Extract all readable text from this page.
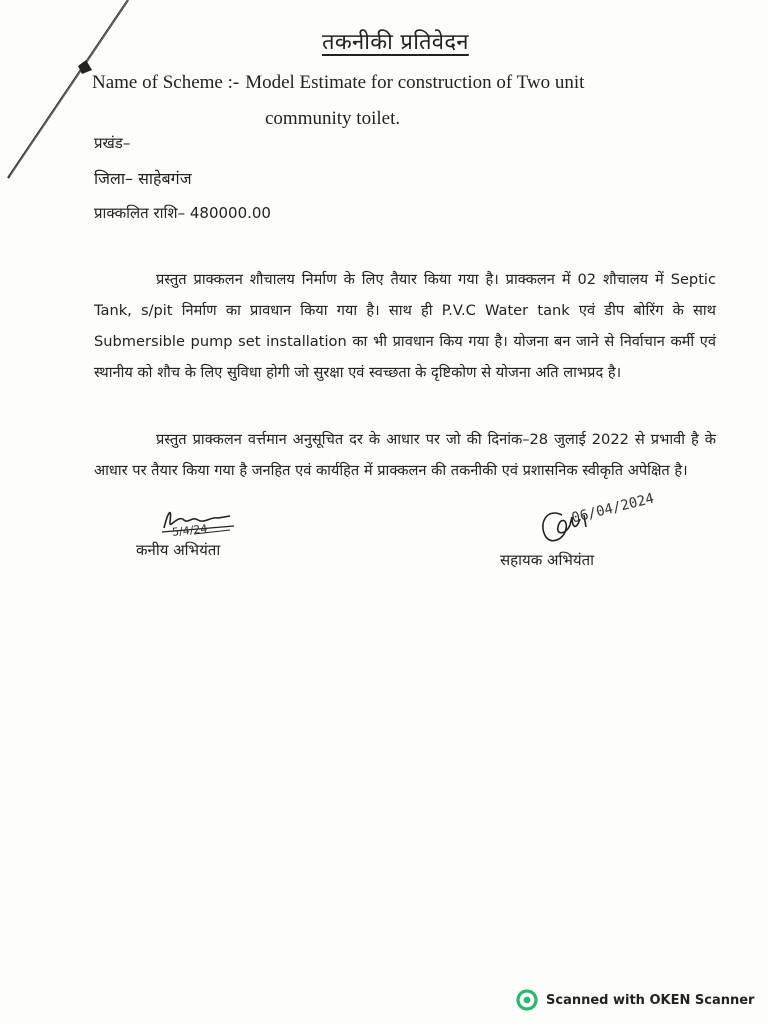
तकनीकी प्रतिवेदन
Name of Scheme :- Model Estimate for construction of Two unit
community toilet.
प्रखंड–
जिला– साहेबगंज
प्राक्कलित राशि– 480000.00
प्रस्तुत प्राक्कलन शौचालय निर्माण के लिए तैयार किया गया है। प्राक्कलन में 02 शौचालय में Septic Tank, s/pit निर्माण का प्रावधान किया गया है। साथ ही P.V.C Water tank एवं डीप बोरिंग के साथ Submersible pump set installation का भी प्रावधान किय गया है। योजना बन जाने से निर्वाचान कर्मी एवं स्थानीय को शौच के लिए सुविधा होगी जो सुरक्षा एवं स्वच्छता के दृष्टिकोण से योजना अति लाभप्रद है।
प्रस्तुत प्राक्कलन वर्त्तमान अनुसूचित दर के आधार पर जो की दिनांक–28 जुलाई 2022 से प्रभावी है के आधार पर तैयार किया गया है जनहित एवं कार्यहित में प्राक्कलन की तकनीकी एवं प्रशासनिक स्वीकृति अपेक्षित है।
5/4/24
कनीय अभियंता
06/04/2024
सहायक अभियंता
Scanned with OKEN Scanner
